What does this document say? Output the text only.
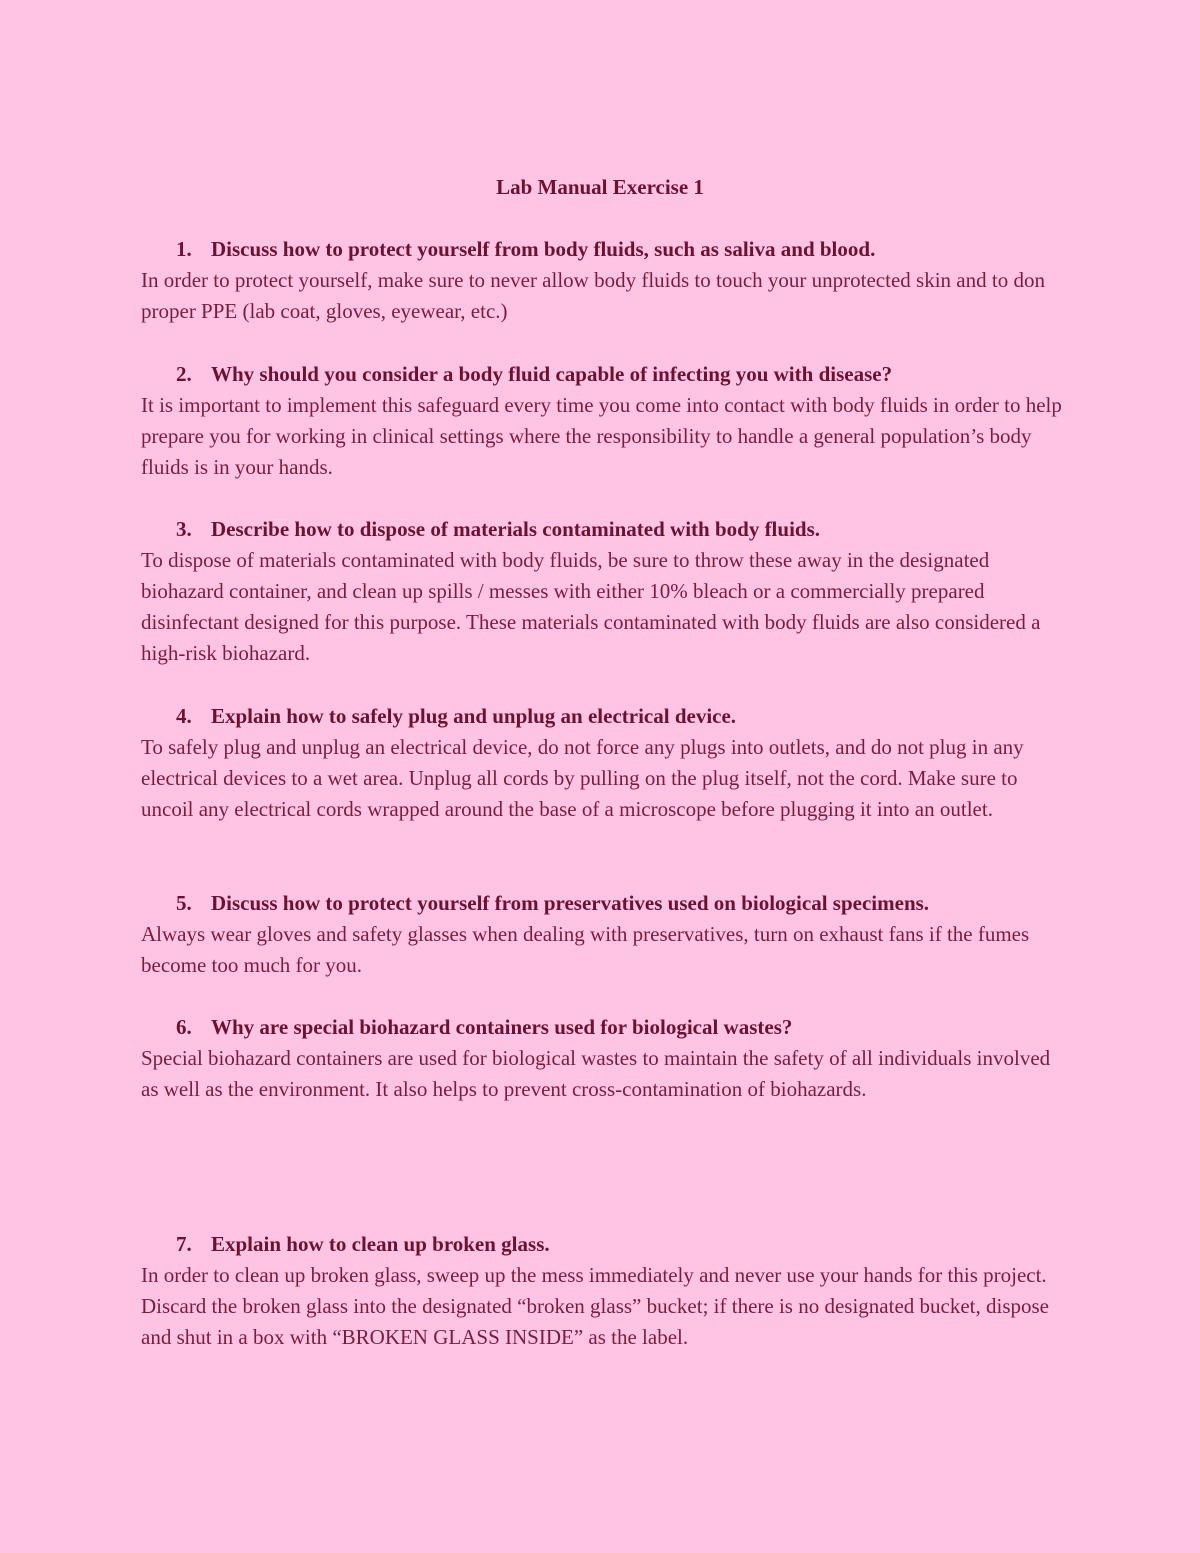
Lab Manual Exercise 1
1. Discuss how to protect yourself from body fluids, such as saliva and blood.
In order to protect yourself, make sure to never allow body fluids to touch your unprotected skin and to don proper PPE (lab coat, gloves, eyewear, etc.)
2. Why should you consider a body fluid capable of infecting you with disease?
It is important to implement this safeguard every time you come into contact with body fluids in order to help prepare you for working in clinical settings where the responsibility to handle a general population’s body fluids is in your hands.
3. Describe how to dispose of materials contaminated with body fluids.
To dispose of materials contaminated with body fluids, be sure to throw these away in the designated biohazard container, and clean up spills / messes with either 10% bleach or a commercially prepared disinfectant designed for this purpose. These materials contaminated with body fluids are also considered a high-risk biohazard.
4. Explain how to safely plug and unplug an electrical device.
To safely plug and unplug an electrical device, do not force any plugs into outlets, and do not plug in any electrical devices to a wet area. Unplug all cords by pulling on the plug itself, not the cord. Make sure to uncoil any electrical cords wrapped around the base of a microscope before plugging it into an outlet.
5. Discuss how to protect yourself from preservatives used on biological specimens.
Always wear gloves and safety glasses when dealing with preservatives, turn on exhaust fans if the fumes become too much for you.
6. Why are special biohazard containers used for biological wastes?
Special biohazard containers are used for biological wastes to maintain the safety of all individuals involved as well as the environment. It also helps to prevent cross-contamination of biohazards.
7. Explain how to clean up broken glass.
In order to clean up broken glass, sweep up the mess immediately and never use your hands for this project. Discard the broken glass into the designated “broken glass” bucket; if there is no designated bucket, dispose and shut in a box with “BROKEN GLASS INSIDE” as the label.
